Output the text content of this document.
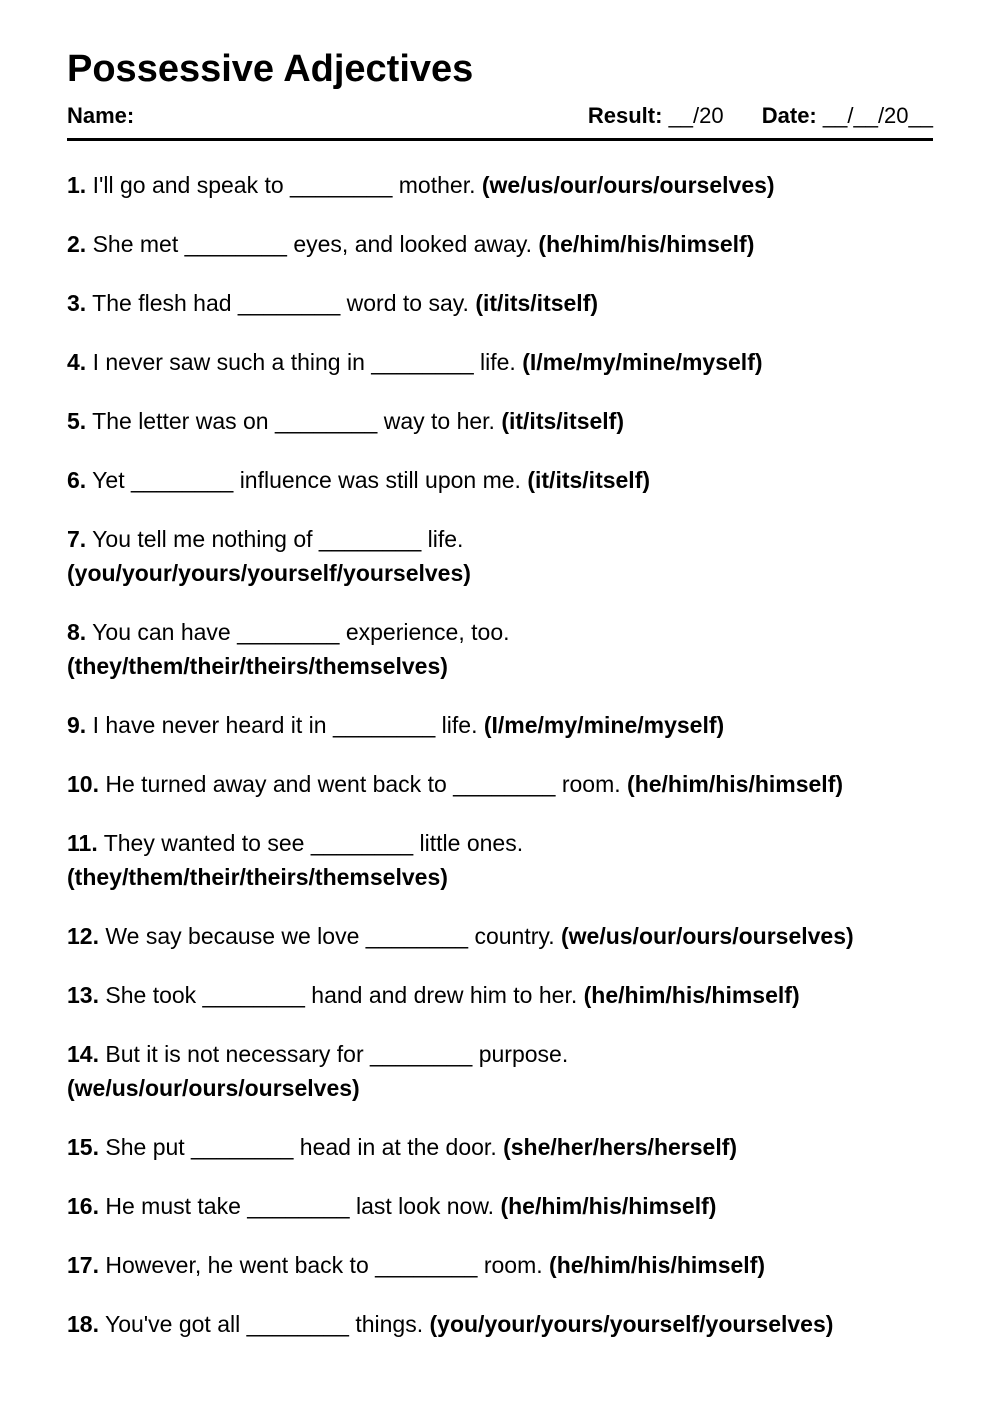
Possessive Adjectives
Name:	Result: __/20 Date: __/__/20__
1. I'll go and speak to ________ mother. (we/us/our/ours/ourselves)
2. She met ________ eyes, and looked away. (he/him/his/himself)
3. The flesh had ________ word to say. (it/its/itself)
4. I never saw such a thing in ________ life. (I/me/my/mine/myself)
5. The letter was on ________ way to her. (it/its/itself)
6. Yet ________ influence was still upon me. (it/its/itself)
7. You tell me nothing of ________ life.
(you/your/yours/yourself/yourselves)
8. You can have ________ experience, too.
(they/them/their/theirs/themselves)
9. I have never heard it in ________ life. (I/me/my/mine/myself)
10. He turned away and went back to ________ room. (he/him/his/himself)
11. They wanted to see ________ little ones.
(they/them/their/theirs/themselves)
12. We say because we love ________ country. (we/us/our/ours/ourselves)
13. She took ________ hand and drew him to her. (he/him/his/himself)
14. But it is not necessary for ________ purpose.
(we/us/our/ours/ourselves)
15. She put ________ head in at the door. (she/her/hers/herself)
16. He must take ________ last look now. (he/him/his/himself)
17. However, he went back to ________ room. (he/him/his/himself)
18. You've got all ________ things. (you/your/yours/yourself/yourselves)
